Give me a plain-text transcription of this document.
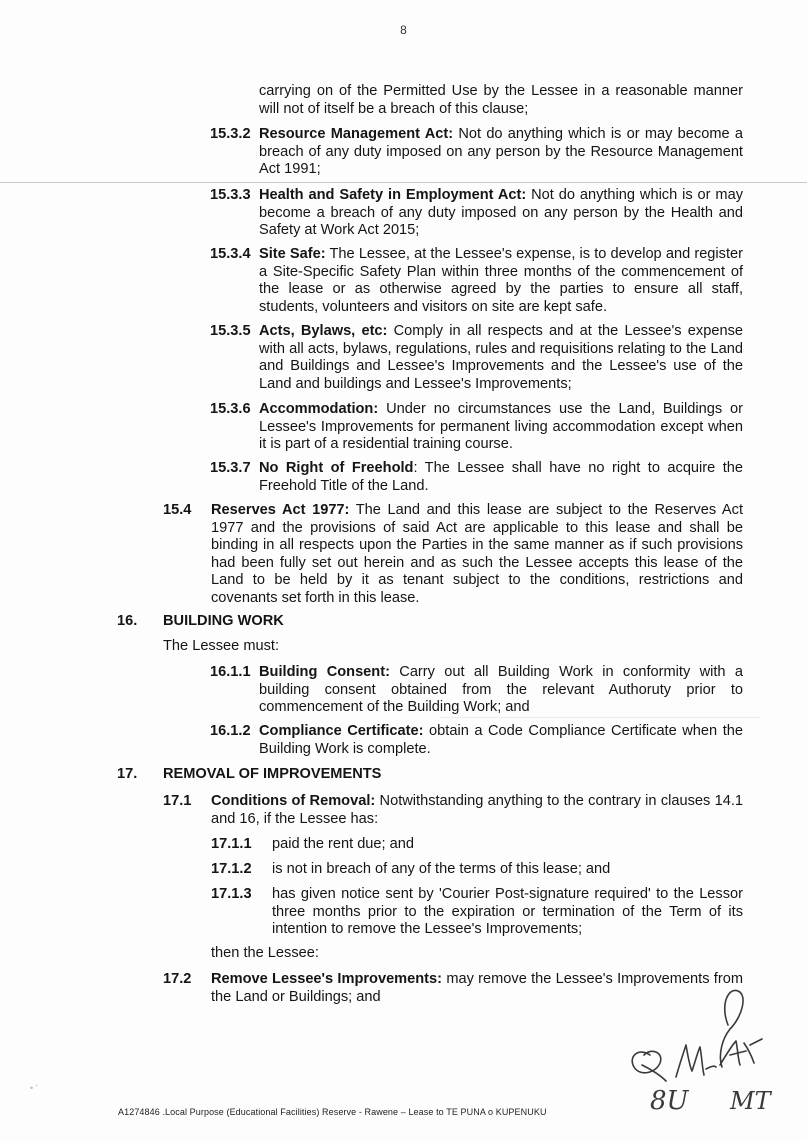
8
carrying on of the Permitted Use by the Lessee in a reasonable manner will not of itself be a breach of this clause;
15.3.2 Resource Management Act: Not do anything which is or may become a breach of any duty imposed on any person by the Resource Management Act 1991;
15.3.3 Health and Safety in Employment Act: Not do anything which is or may become a breach of any duty imposed on any person by the Health and Safety at Work Act 2015;
15.3.4 Site Safe: The Lessee, at the Lessee's expense, is to develop and register a Site-Specific Safety Plan within three months of the commencement of the lease or as otherwise agreed by the parties to ensure all staff, students, volunteers and visitors on site are kept safe.
15.3.5 Acts, Bylaws, etc: Comply in all respects and at the Lessee's expense with all acts, bylaws, regulations, rules and requisitions relating to the Land and Buildings and Lessee's Improvements and the Lessee's use of the Land and buildings and Lessee's Improvements;
15.3.6 Accommodation: Under no circumstances use the Land, Buildings or Lessee's Improvements for permanent living accommodation except when it is part of a residential training course.
15.3.7 No Right of Freehold: The Lessee shall have no right to acquire the Freehold Title of the Land.
15.4 Reserves Act 1977: The Land and this lease are subject to the Reserves Act 1977 and the provisions of said Act are applicable to this lease and shall be binding in all respects upon the Parties in the same manner as if such provisions had been fully set out herein and as such the Lessee accepts this lease of the Land to be held by it as tenant subject to the conditions, restrictions and covenants set forth in this lease.
16. BUILDING WORK
The Lessee must:
16.1.1 Building Consent: Carry out all Building Work in conformity with a building consent obtained from the relevant Authoruty prior to commencement of the Building Work; and
16.1.2 Compliance Certificate: obtain a Code Compliance Certificate when the Building Work is complete.
17. REMOVAL OF IMPROVEMENTS
17.1 Conditions of Removal: Notwithstanding anything to the contrary in clauses 14.1 and 16, if the Lessee has:
17.1.1 paid the rent due; and
17.1.2 is not in breach of any of the terms of this lease; and
17.1.3 has given notice sent by 'Courier Post-signature required' to the Lessor three months prior to the expiration or termination of the Term of its intention to remove the Lessee's Improvements;
then the Lessee:
17.2 Remove Lessee's Improvements: may remove the Lessee's Improvements from the Land or Buildings; and
8U MT
• '
A1274846 .Local Purpose (Educational Facilities) Reserve - Rawene – Lease to TE PUNA o KUPENUKU
